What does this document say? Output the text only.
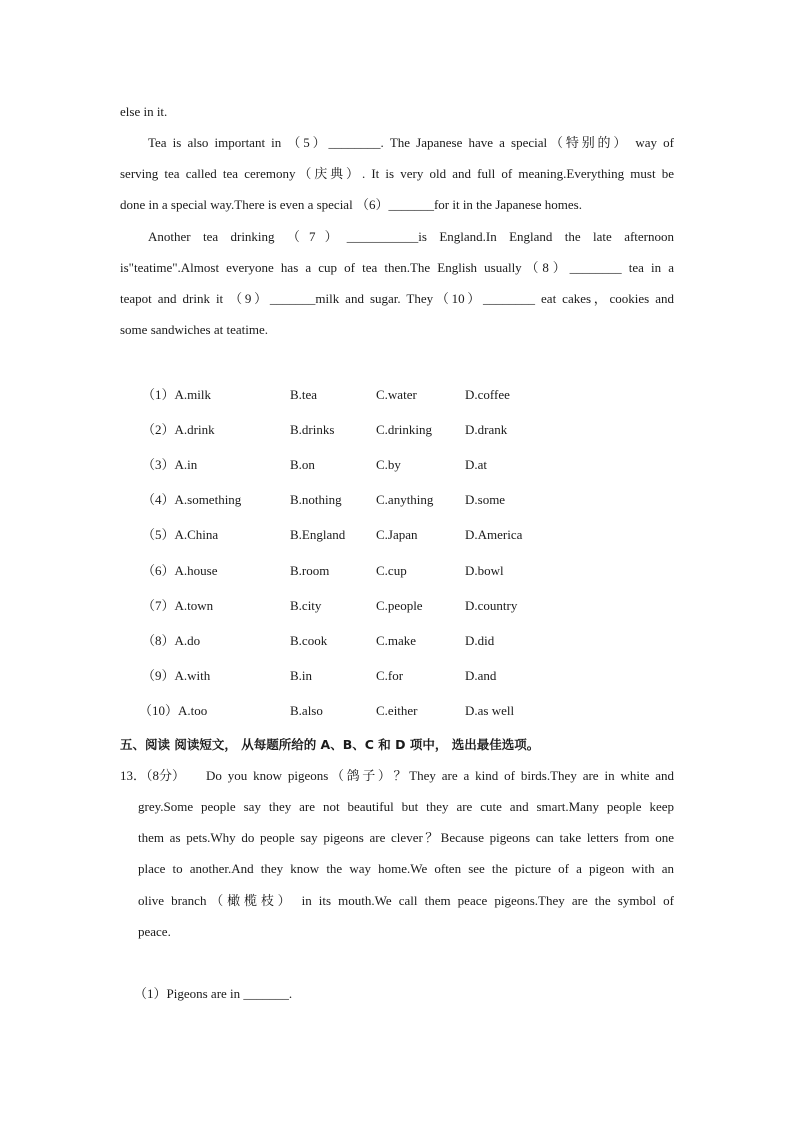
else in it.
Tea is also important in （5）________. The Japanese have a special（特别的） way of
serving tea called tea ceremony（庆典）. It is very old and full of meaning.Everything must be
done in a special way.There is even a special （6）_______for it in the Japanese homes.
Another tea drinking （7）___________is England.In England the late afternoon
is"teatime".Almost everyone has a cup of tea then.The English usually（8）________ tea in a
teapot and drink it （9）_______milk and sugar. They（10）________ eat cakes，cookies and
some sandwiches at teatime.
（1）A.milk	B.tea	C.water	D.coffee
（2）A.drink	B.drinks	C.drinking	D.drank
（3）A.in	B.on	C.by	D.at
（4）A.something	B.nothing	C.anything D.some
（5）A.China	B.England C.Japan	D.America
（6）A.house	B.room	C.cup	D.bowl
（7）A.town	B.city	C.people	D.country
（8）A.do	B.cook	C.make	D.did
（9）A.with	B.in	C.for	D.and
（10）A.too	B.also	C.either	D.as well
五、阅读 阅读短文， 从每题所给的 A、B、C 和 D 项中， 选出最佳选项。
13．（8分） Do you know pigeons（鸽子）？They are a kind of birds.They are in white and
grey.Some people say they are not beautiful but they are cute and smart.Many people keep
them as pets.Why do people say pigeons are clever？Because pigeons can take letters from one
place to another.And they know the way home.We often see the picture of a pigeon with an
olive branch（橄榄枝） in its mouth.We call them peace pigeons.They are the symbol of
peace.
（1）Pigeons are in _______.
